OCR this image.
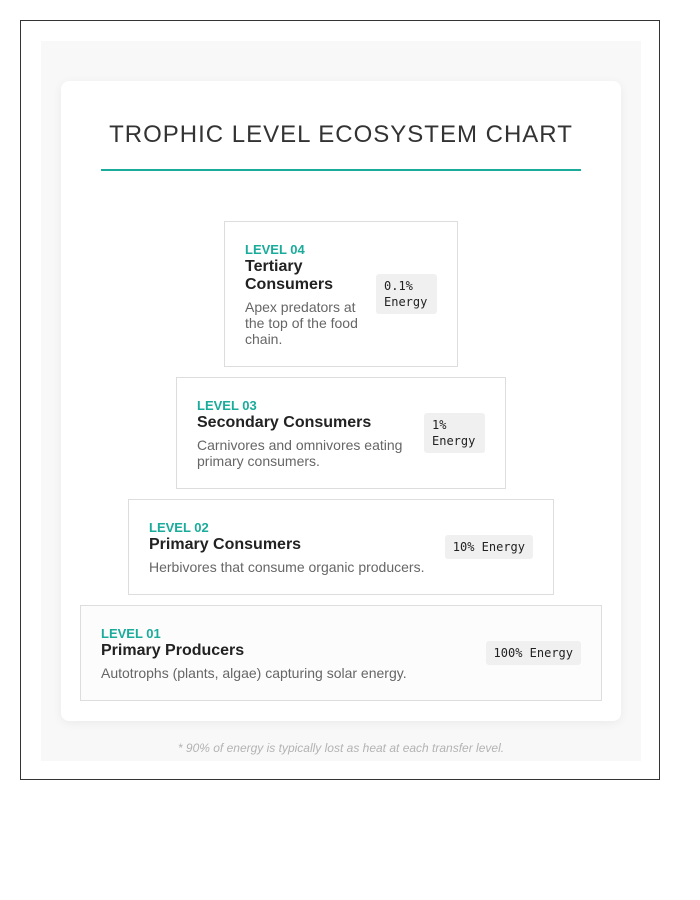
TROPHIC LEVEL ECOSYSTEM CHART
LEVEL 04
Tertiary Consumers
Apex predators at the top of the food chain.
0.1% Energy
LEVEL 03
Secondary Consumers
Carnivores and omnivores eating primary consumers.
1% Energy
LEVEL 02
Primary Consumers
Herbivores that consume organic producers.
10% Energy
LEVEL 01
Primary Producers
Autotrophs (plants, algae) capturing solar energy.
100% Energy
* 90% of energy is typically lost as heat at each transfer level.
